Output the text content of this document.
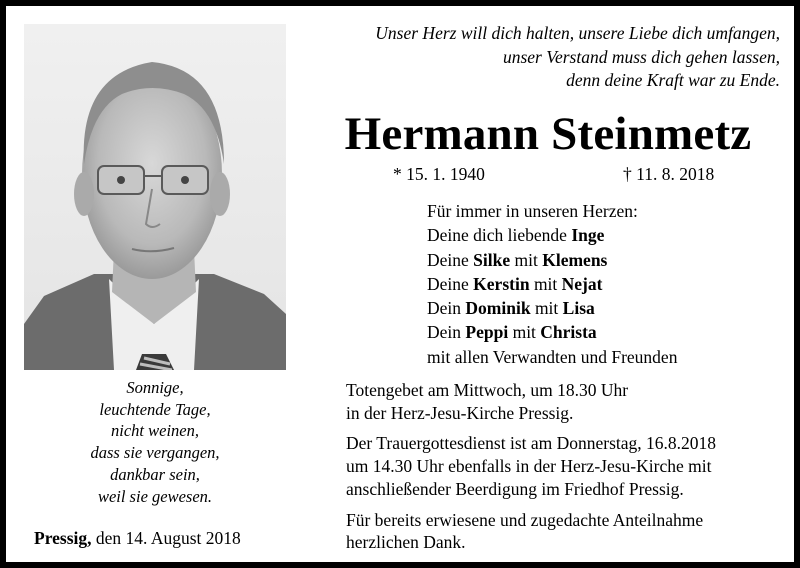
Sonnige,
leuchtende Tage,
nicht weinen,
dass sie vergangen,
dankbar sein,
weil sie gewesen.
Pressig, den 14. August 2018
Unser Herz will dich halten, unsere Liebe dich umfangen,
unser Verstand muss dich gehen lassen,
denn deine Kraft war zu Ende.
Hermann Steinmetz
* 15. 1. 1940	† 11. 8. 2018
Für immer in unseren Herzen:
Deine dich liebende Inge
Deine Silke mit Klemens
Deine Kerstin mit Nejat
Dein Dominik mit Lisa
Dein Peppi mit Christa
mit allen Verwandten und Freunden

Totengebet am Mittwoch, um 18.30 Uhr
in der Herz-Jesu-Kirche Pressig.

Der Trauergottesdienst ist am Donnerstag, 16.8.2018
um 14.30 Uhr ebenfalls in der Herz-Jesu-Kirche mit
anschließender Beerdigung im Friedhof Pressig.

Für bereits erwiesene und zugedachte Anteilnahme
herzlichen Dank.
